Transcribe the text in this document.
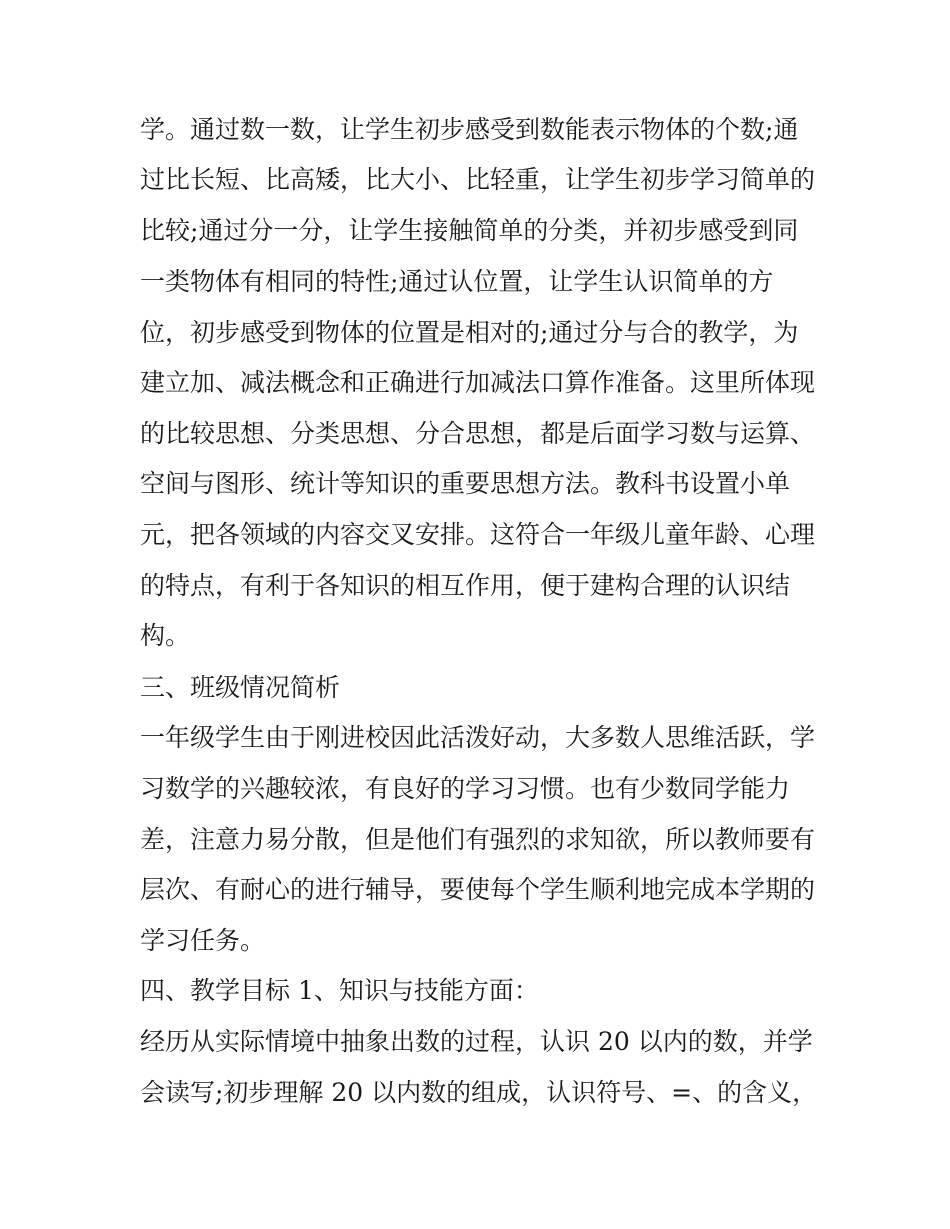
学。通过数一数，让学生初步感受到数能表示物体的个数;通
过比长短、比高矮，比大小、比轻重，让学生初步学习简单的
比较;通过分一分，让学生接触简单的分类，并初步感受到同
一类物体有相同的特性;通过认位置，让学生认识简单的方
位，初步感受到物体的位置是相对的;通过分与合的教学，为
建立加、减法概念和正确进行加减法口算作准备。这里所体现
的比较思想、分类思想、分合思想，都是后面学习数与运算、
空间与图形、统计等知识的重要思想方法。教科书设置小单
元，把各领域的内容交叉安排。这符合一年级儿童年龄、心理
的特点，有利于各知识的相互作用，便于建构合理的认识结
构。
三、班级情况简析
一年级学生由于刚进校因此活泼好动，大多数人思维活跃，学
习数学的兴趣较浓，有良好的学习习惯。也有少数同学能力
差，注意力易分散，但是他们有强烈的求知欲，所以教师要有
层次、有耐心的进行辅导，要使每个学生顺利地完成本学期的
学习任务。
四、教学目标 1、知识与技能方面：
经历从实际情境中抽象出数的过程，认识 20 以内的数，并学
会读写;初步理解 20 以内数的组成，认识符号、=、的含义，
